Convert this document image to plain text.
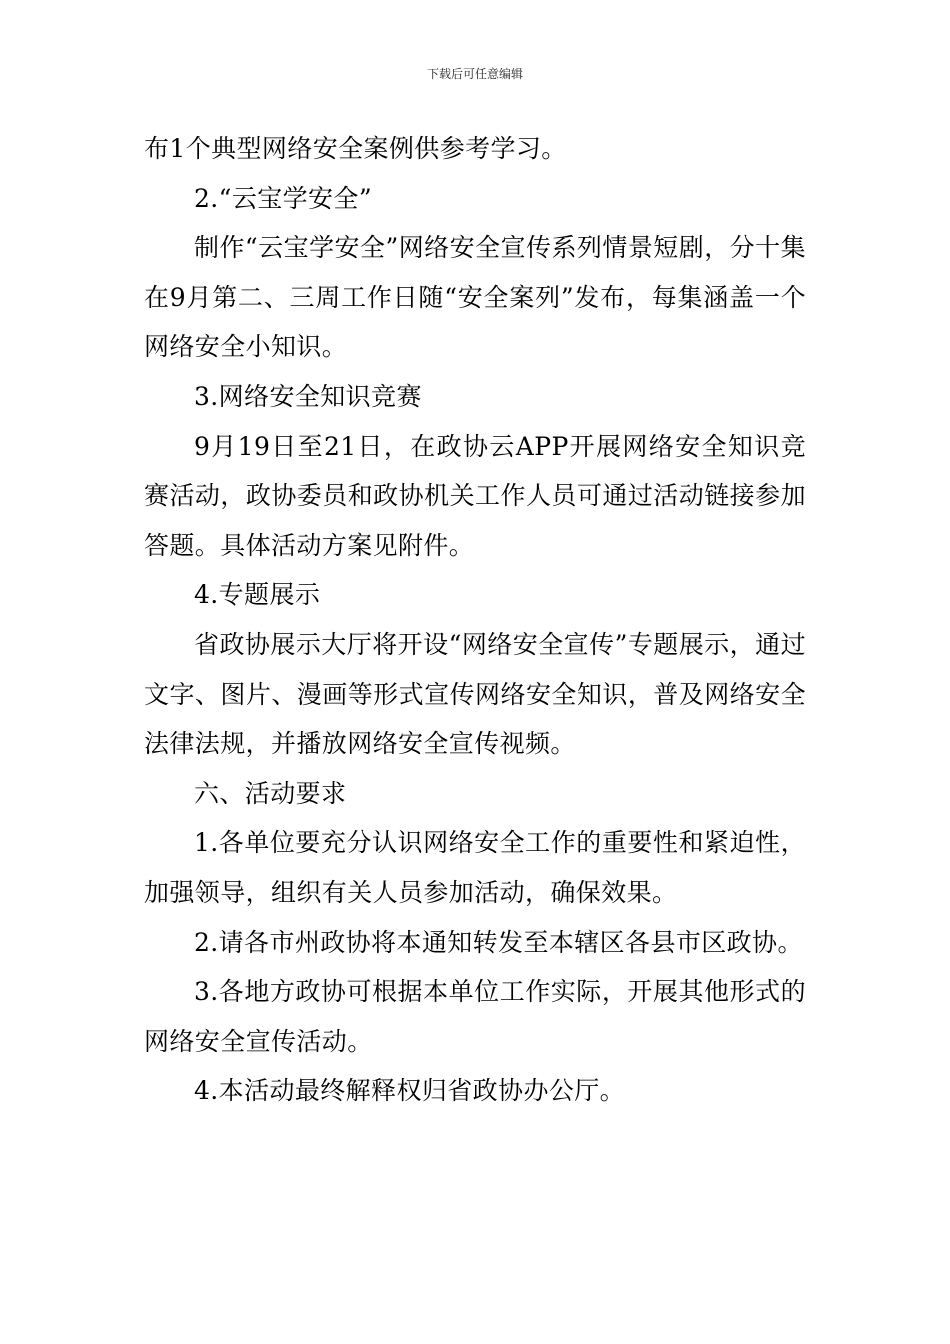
下载后可任意编辑

布1个典型网络安全案例供参考学习。

2.“云宝学安全”

制作“云宝学安全”网络安全宣传系列情景短剧，分十集在9月第二、三周工作日随“安全案列”发布，每集涵盖一个网络安全小知识。

3.网络安全知识竞赛

9月19日至21日，在政协云APP开展网络安全知识竞赛活动，政协委员和政协机关工作人员可通过活动链接参加答题。具体活动方案见附件。

4.专题展示

省政协展示大厅将开设“网络安全宣传”专题展示，通过文字、图片、漫画等形式宣传网络安全知识，普及网络安全法律法规，并播放网络安全宣传视频。

六、活动要求

1.各单位要充分认识网络安全工作的重要性和紧迫性，加强领导，组织有关人员参加活动，确保效果。

2.请各市州政协将本通知转发至本辖区各县市区政协。

3.各地方政协可根据本单位工作实际，开展其他形式的网络安全宣传活动。

4.本活动最终解释权归省政协办公厅。
